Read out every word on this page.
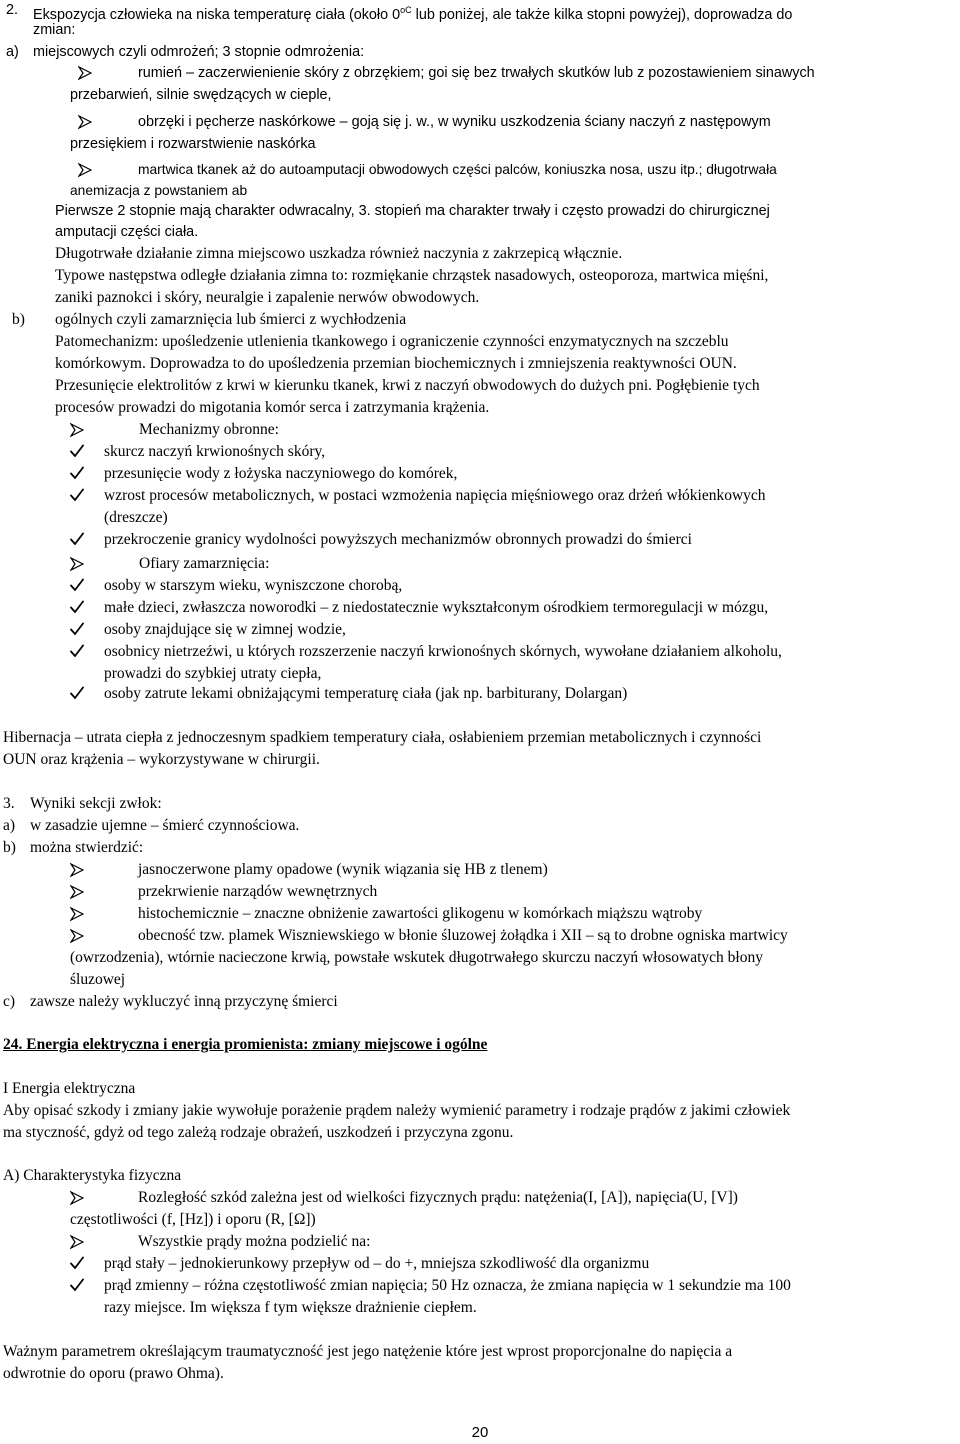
2. Ekspozycja człowieka na niska temperaturę ciała (około $0^{oC}$ lub poniżej, ale także kilka stopni powyżej), doprowadza do
zmian:
a) miejscowych czyli odmrożeń; 3 stopnie odmrożenia:
rumień – zaczerwienienie skóry z obrzękiem; goi się bez trwałych skutków lub z pozostawieniem sinawych
przebarwień, silnie swędzących w cieple,
obrzęki i pęcherze naskórkowe – goją się j. w., w wyniku uszkodzenia ściany naczyń z następowym
przesiękiem i rozwarstwienie naskórka
martwica tkanek aż do autoamputacji obwodowych części palców, koniuszka nosa, uszu itp.; długotrwała
anemizacja z powstaniem ab
Pierwsze 2 stopnie mają charakter odwracalny, 3. stopień ma charakter trwały i często prowadzi do chirurgicznej
amputacji części ciała.
Długotrwałe działanie zimna miejscowo uszkadza również naczynia z zakrzepicą włącznie.
Typowe następstwa odległe działania zimna to: rozmiękanie chrząstek nasadowych, osteoporoza, martwica mięśni,
zaniki paznokci i skóry, neuralgie i zapalenie nerwów obwodowych.
b) ogólnych czyli zamarznięcia lub śmierci z wychłodzenia
Patomechanizm: upośledzenie utlenienia tkankowego i ograniczenie czynności enzymatycznych na szczeblu
komórkowym. Doprowadza to do upośledzenia przemian biochemicznych i zmniejszenia reaktywności OUN.
Przesunięcie elektrolitów z krwi w kierunku tkanek, krwi z naczyń obwodowych do dużych pni. Pogłębienie tych
procesów prowadzi do migotania komór serca i zatrzymania krążenia.
Mechanizmy obronne:
skurcz naczyń krwionośnych skóry,
przesunięcie wody z łożyska naczyniowego do komórek,
wzrost procesów metabolicznych, w postaci wzmożenia napięcia mięśniowego oraz drżeń włókienkowych
(dreszcze)
przekroczenie granicy wydolności powyższych mechanizmów obronnych prowadzi do śmierci
Ofiary zamarznięcia:
osoby w starszym wieku, wyniszczone chorobą,
małe dzieci, zwłaszcza noworodki – z niedostatecznie wykształconym ośrodkiem termoregulacji w mózgu,
osoby znajdujące się w zimnej wodzie,
osobnicy nietrzeźwi, u których rozszerzenie naczyń krwionośnych skórnych, wywołane działaniem alkoholu,
prowadzi do szybkiej utraty ciepła,
osoby zatrute lekami obniżającymi temperaturę ciała (jak np. barbiturany, Dolargan)
Hibernacja – utrata ciepła z jednoczesnym spadkiem temperatury ciała, osłabieniem przemian metabolicznych i czynności
OUN oraz krążenia – wykorzystywane w chirurgii.
3. Wyniki sekcji zwłok:
a) w zasadzie ujemne – śmierć czynnościowa.
b) można stwierdzić:
jasnoczerwone plamy opadowe (wynik wiązania się HB z tlenem)
przekrwienie narządów wewnętrznych
histochemicznie – znaczne obniżenie zawartości glikogenu w komórkach miąższu wątroby
obecność tzw. plamek Wiszniewskiego w błonie śluzowej żołądka i XII – są to drobne ogniska martwicy
(owrzodzenia), wtórnie nacieczone krwią, powstałe wskutek długotrwałego skurczu naczyń włosowatych błony
śluzowej
c) zawsze należy wykluczyć inną przyczynę śmierci
24. Energia elektryczna i energia promienista: zmiany miejscowe i ogólne
I Energia elektryczna
Aby opisać szkody i zmiany jakie wywołuje porażenie prądem należy wymienić parametry i rodzaje prądów z jakimi człowiek
ma styczność, gdyż od tego zależą rodzaje obrażeń, uszkodzeń i przyczyna zgonu.
A) Charakterystyka fizyczna
Rozległość szkód zależna jest od wielkości fizycznych prądu: natężenia(I, [A]), napięcia(U, [V])
częstotliwości (f, [Hz]) i oporu (R, [Ω])
Wszystkie prądy można podzielić na:
prąd stały – jednokierunkowy przepływ od – do +, mniejsza szkodliwość dla organizmu
prąd zmienny – różna częstotliwość zmian napięcia; 50 Hz oznacza, że zmiana napięcia w 1 sekundzie ma 100
razy miejsce. Im większa f tym większe drażnienie ciepłem.
Ważnym parametrem określającym traumatyczność jest jego natężenie które jest wprost proporcjonalne do napięcia a
odwrotnie do oporu (prawo Ohma).
20
